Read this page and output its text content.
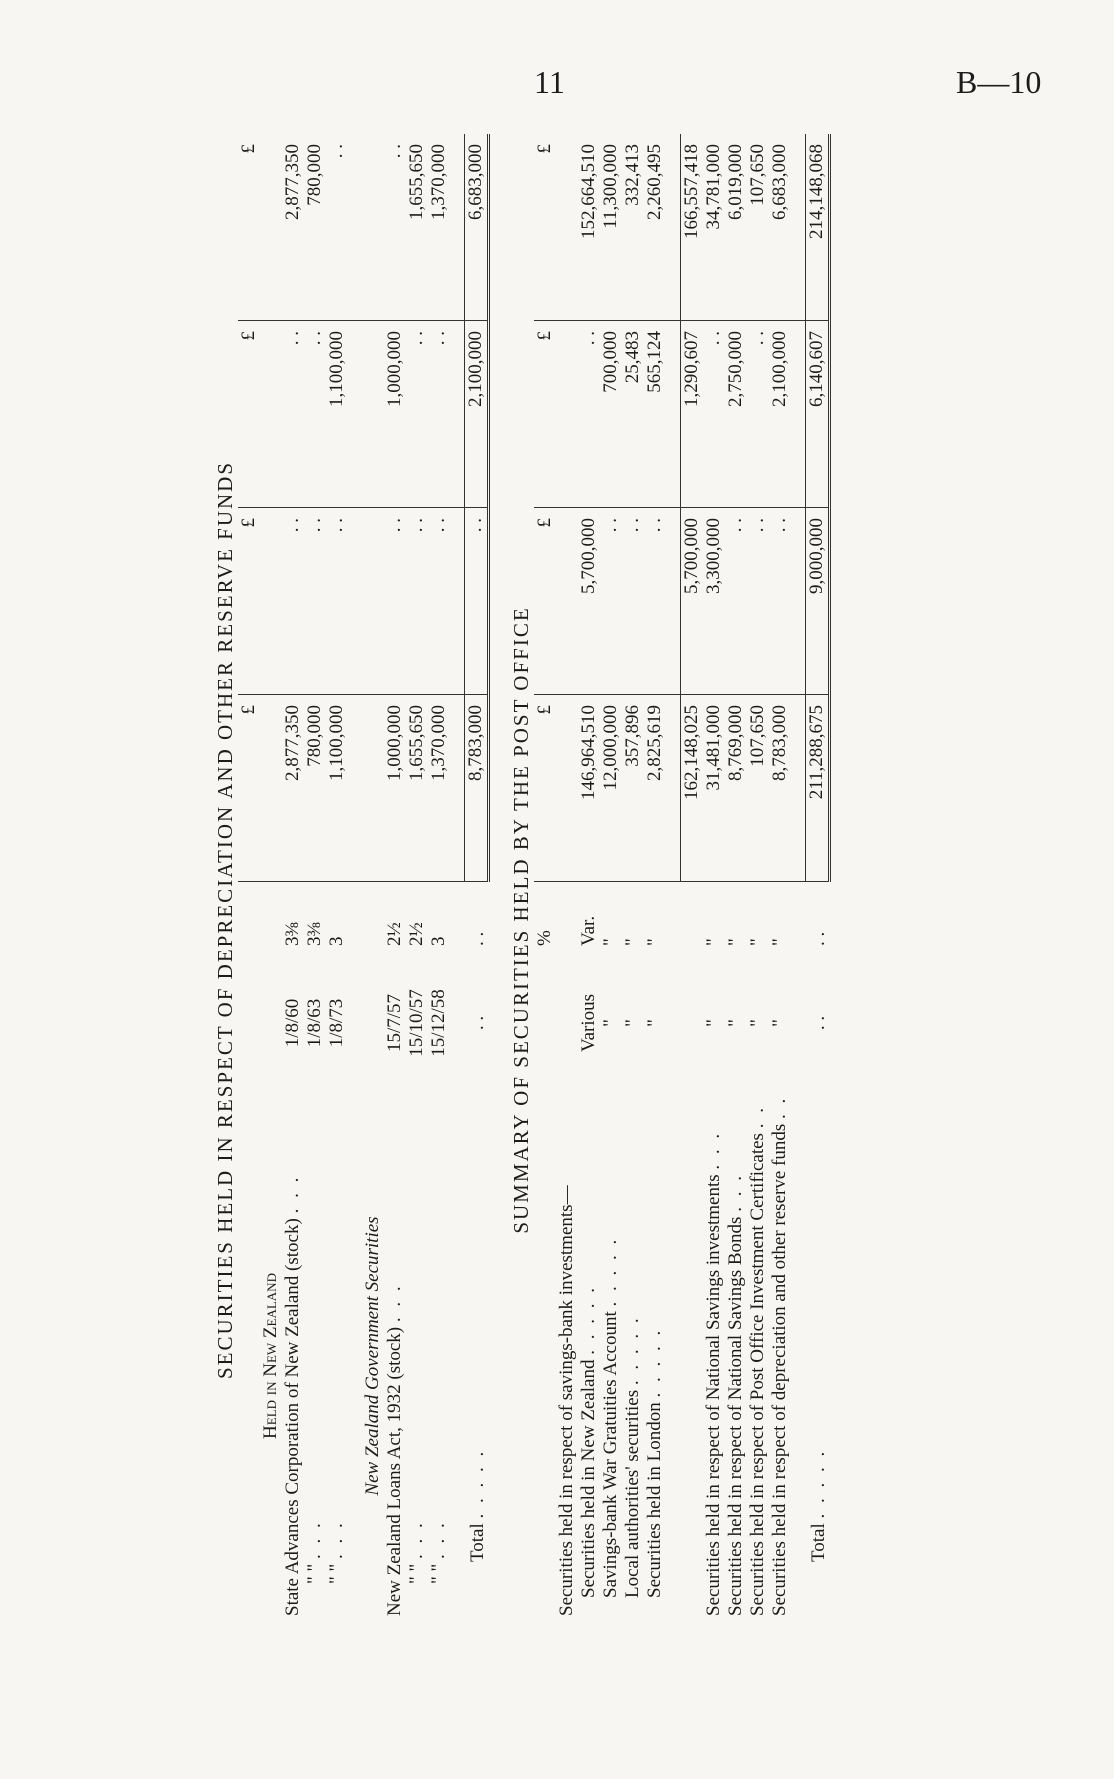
11	B—10
SECURITIES HELD IN RESPECT OF DEPRECIATION AND OTHER RESERVE FUNDS
			£	£	£	£
Held in New Zealand						
State Advances Corporation of New Zealand (stock) . . .	1/8/60	3⅜	2,877,350	. .	. .	2,877,350
" " . . .	1/8/63	3⅜	780,000	. .	. .	780,000
" " . . .	1/8/73	3	1,100,000	. .	1,100,000	. .

New Zealand Government Securities						
New Zealand Loans Act, 1932 (stock) . . .	15/7/57	2½	1,000,000	. .	1,000,000	. .
" " . . .	15/10/57	2½	1,655,650	. .	. .	1,655,650
" " . . .	15/12/58	3	1,370,000	. .	. .	1,370,000

Total . . . . .	. .	. .	8,783,000	. .	2,100,000	6,683,000
SUMMARY OF SECURITIES HELD BY THE POST OFFICE
		%	£	£	£	£
Securities held in respect of savings-bank investments—						
Securities held in New Zealand . . . . .	Various	Var.	146,964,510	5,700,000	. .	152,664,510
Savings-bank War Gratuities Account . . . . .	"	"	12,000,000	. .	700,000	11,300,000
Local authorities' securities . . . . .	"	"	357,896	. .	25,483	332,413
Securities held in London . . . . .	"	"	2,825,619	. .	565,124	2,260,495

			162,148,025	5,700,000	1,290,607	166,557,418
Securities held in respect of National Savings investments . . .	"	"	31,481,000	3,300,000	. .	34,781,000
Securities held in respect of National Savings Bonds . . .	"	"	8,769,000	. .	2,750,000	6,019,000
Securities held in respect of Post Office Investment Certificates . .	"	"	107,650	. .	. .	107,650
Securities held in respect of depreciation and other reserve funds . .	"	"	8,783,000	. .	2,100,000	6,683,000

Total . . . . .	. .	. .	211,288,675	9,000,000	6,140,607	214,148,068
